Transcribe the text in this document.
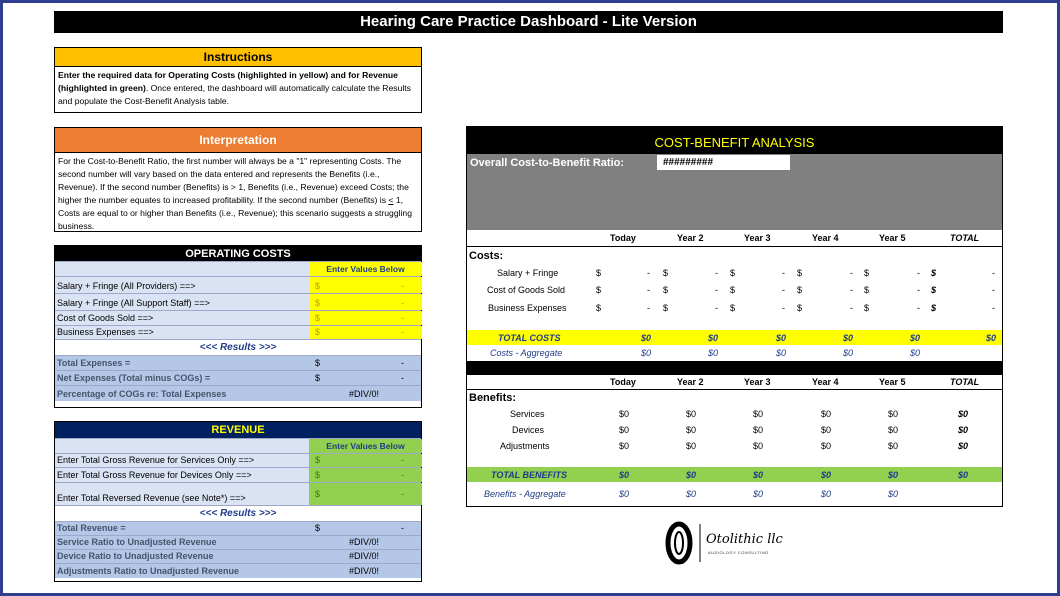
Hearing Care Practice Dashboard - Lite Version
Instructions
Enter the required data for Operating Costs (highlighted in yellow) and for Revenue (highlighted in green). Once entered, the dashboard will automatically calculate the Results and populate the Cost-Benefit Analysis table.
Interpretation
For the Cost-to-Benefit Ratio, the first number will always be a "1" representing Costs. The second number will vary based on the data entered and represents the Benefits (i.e., Revenue). If the second number (Benefits) is > 1, Benefits (i.e., Revenue) exceed Costs; the higher the number equates to increased profitability. If the second number (Benefits) is ≤ 1, Costs are equal to or higher than Benefits (i.e., Revenue); this scenario suggests a struggling business.
OPERATING COSTS
Enter Values Below
Salary + Fringe (All Providers) ==>	$	-
Salary + Fringe (All Support Staff) ==>	$	-
Cost of Goods Sold ==>	$	-
Business Expenses ==>	$	-
<<< Results >>>
Total Expenses =	$	-
Net Expenses (Total minus COGs) =	$	-
Percentage of COGs re: Total Expenses	#DIV/0!
REVENUE
Enter Values Below
Enter Total Gross Revenue for Services Only ==>	$	-
Enter Total Gross Revenue for Devices Only ==>	$	-
Enter Total Reversed Revenue (see Note*) ==>	$	-
<<< Results >>>
Total Revenue =	$	-
Service Ratio to Unadjusted Revenue	#DIV/0!
Device Ratio to Unadjusted Revenue	#DIV/0!
Adjustments Ratio to Unadjusted Revenue	#DIV/0!
COST-BENEFIT ANALYSIS
Overall Cost-to-Benefit Ratio:	#########
Today	Year 2	Year 3	Year 4	Year 5	TOTAL
Costs:
Salary + Fringe	$	- $	- $	- $	- $	- $	-
Cost of Goods Sold	$	- $	- $	- $	- $	- $	-
Business Expenses	$	- $	- $	- $	- $	- $	-
TOTAL COSTS	$0	$0	$0	$0	$0	$0
Costs - Aggregate	$0	$0	$0	$0	$0
Today	Year 2	Year 3	Year 4	Year 5	TOTAL
Benefits:
Services	$0	$0	$0	$0	$0	$0
Devices	$0	$0	$0	$0	$0	$0
Adjustments	$0	$0	$0	$0	$0	$0
TOTAL BENEFITS	$0	$0	$0	$0	$0	$0
Benefits - Aggregate	$0	$0	$0	$0	$0
Otolithic llc
AUDIOLOGY CONSULTING
